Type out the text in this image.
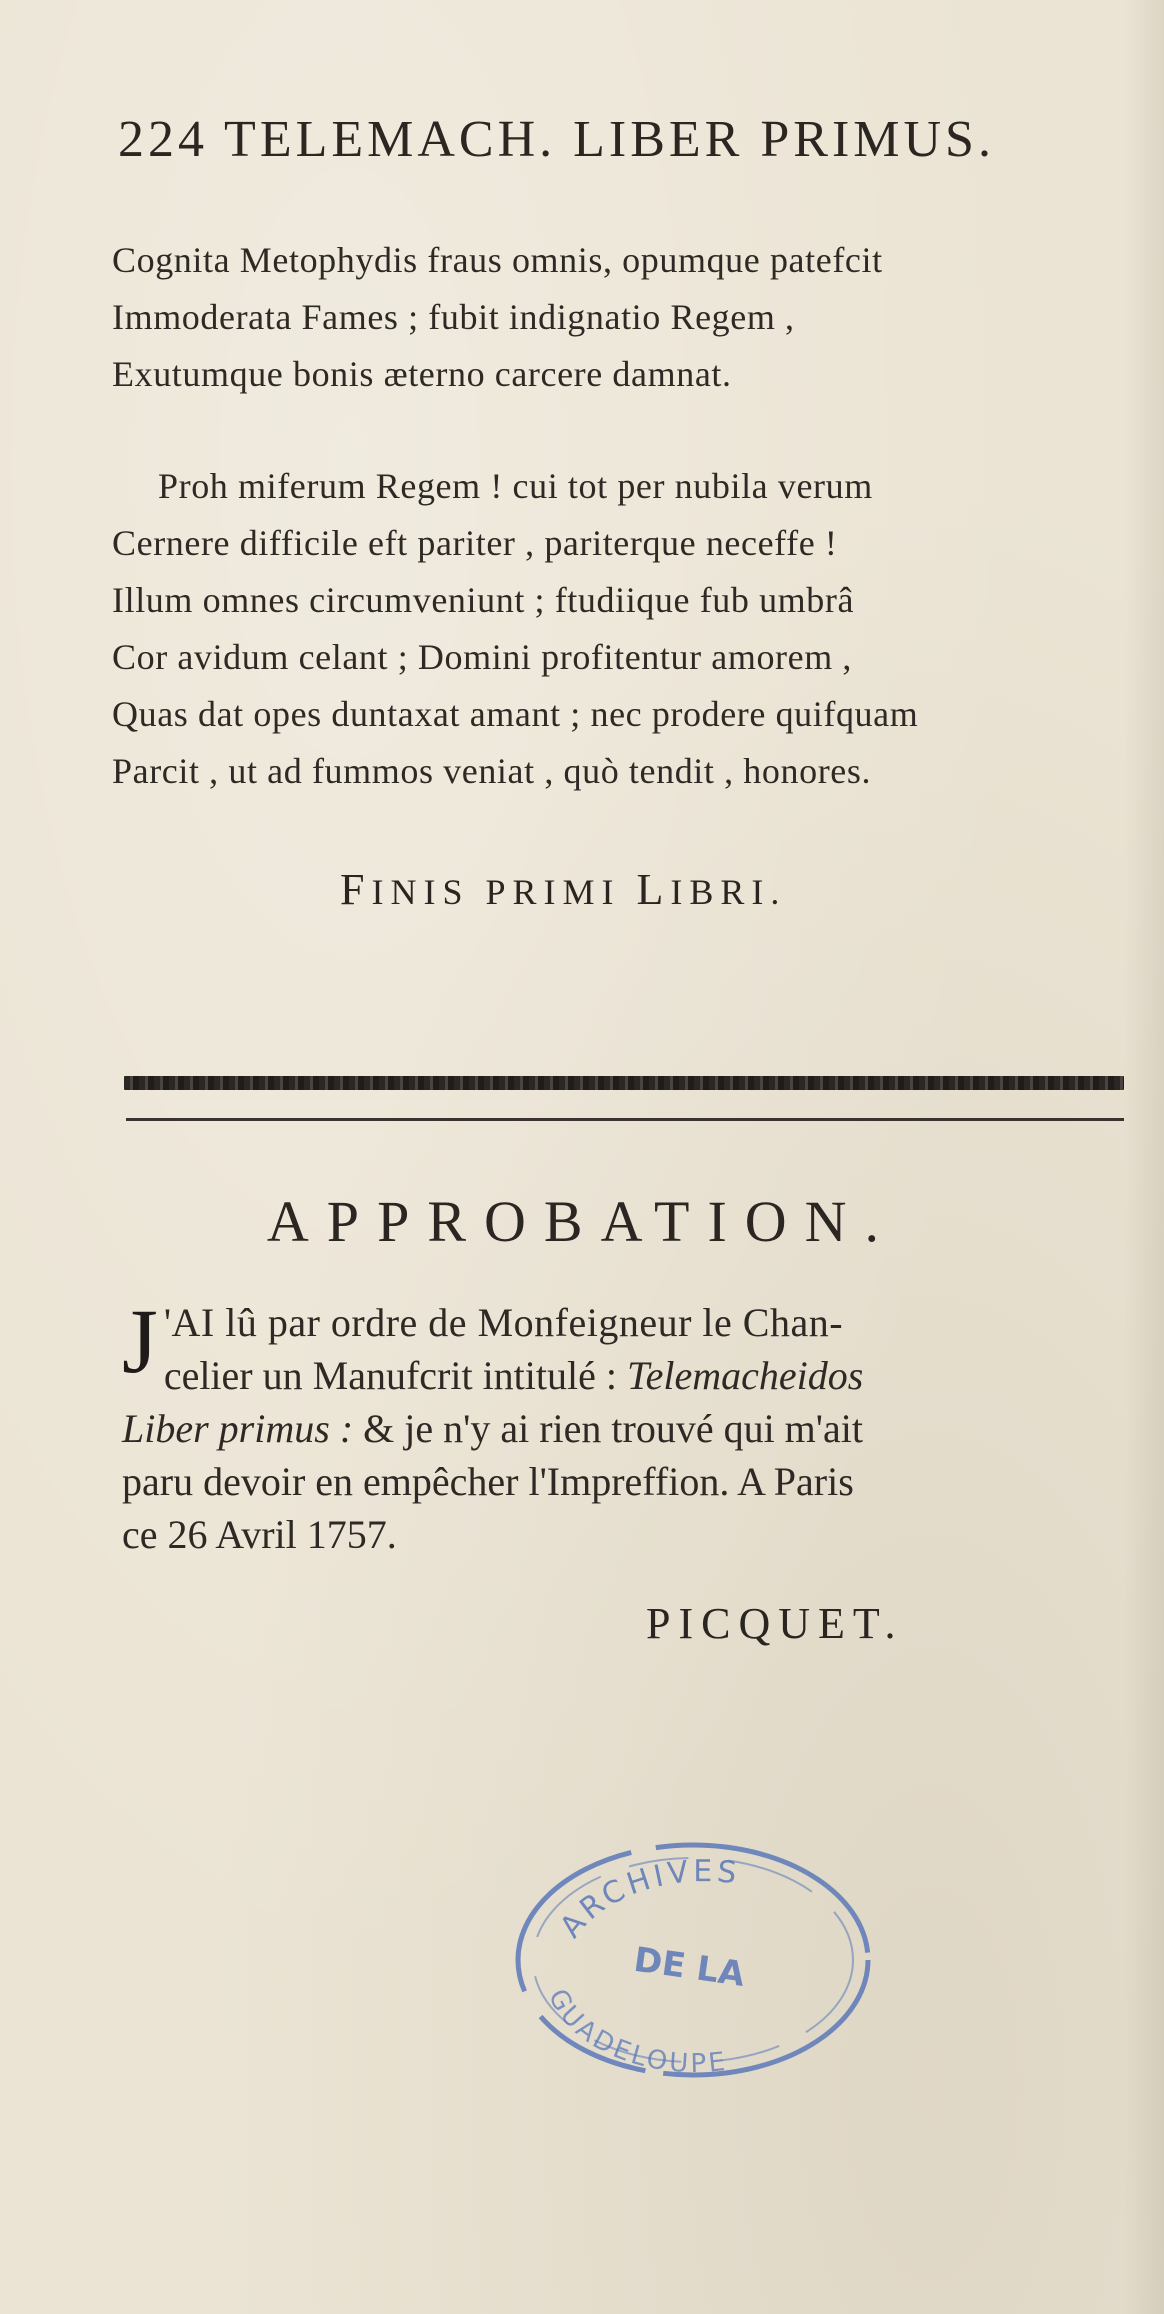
224 TELEMACH. LIBER PRIMUS.
Cognita Metophydis fraus omnis, opumque patefcit
Immoderata Fames ; fubit indignatio Regem ,
Exutumque bonis æterno carcere damnat.
Proh miferum Regem ! cui tot per nubila verum
Cernere difficile eft pariter , pariterque neceffe !
Illum omnes circumveniunt ; ftudiique fub umbrâ
Cor avidum celant ; Domini profitentur amorem ,
Quas dat opes duntaxat amant ; nec prodere quifquam
Parcit , ut ad fummos veniat , quò tendit , honores.
FINIS PRIMI LIBRI.
APPROBATION.
J 'AI lû par ordre de Monfeigneur le Chan-
celier un Manufcrit intitulé : Telemacheidos
Liber primus : & je n'y ai rien trouvé qui m'ait
paru devoir en empêcher l'Impreffion. A Paris
ce 26 Avril 1757.
PICQUET.
ARCHIVES
DE LA
GUADELOUPE
